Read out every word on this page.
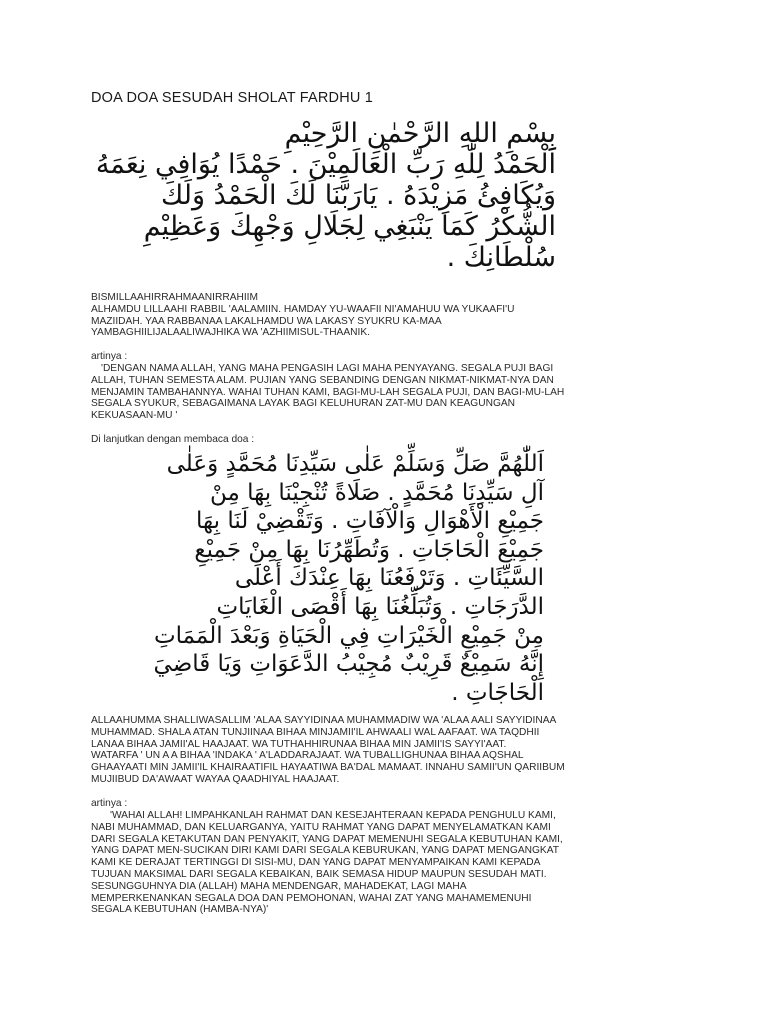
DOA DOA SESUDAH SHOLAT FARDHU 1
بِسْمِ اللهِ الرَّحْمٰنِ الرَّحِيْمِ
اَلْحَمْدُ لِلّٰهِ رَبِّ الْعَالَمِيْنَ . حَمْدًا يُوَافِي نِعَمَهُ
وَيُكَافِئُ مَزِيْدَهُ . يَارَبَّنَا لَكَ الْحَمْدُ وَلَكَ
الشُّكْرُ كَمَا يَنْبَغِي لِجَلَالِ وَجْهِكَ وَعَظِيْمِ
سُلْطَانِكَ .
BISMILLAAHIRRAHMAANIRRAHIIM
ALHAMDU LILLAAHI RABBIL 'AALAMIIN. HAMDAY YU-WAAFII NI'AMAHUU WA YUKAAFI'U
MAZIIDAH. YAA RABBANAA LAKALHAMDU WA LAKASY SYUKRU KA-MAA
YAMBAGHIILIJALAALIWAJHIKA WA 'AZHIIMISUL-THAANIK.
artinya :
'DENGAN NAMA ALLAH, YANG MAHA PENGASIH LAGI MAHA PENYAYANG. SEGALA PUJI BAGI
ALLAH, TUHAN SEMESTA ALAM. PUJIAN YANG SEBANDING DENGAN NIKMAT-NIKMAT-NYA DAN
MENJAMIN TAMBAHANNYA. WAHAI TUHAN KAMI, BAGI-MU-LAH SEGALA PUJI, DAN BAGI-MU-LAH
SEGALA SYUKUR, SEBAGAIMANA LAYAK BAGI KELUHURAN ZAT-MU DAN KEAGUNGAN
KEKUASAAN-MU '
Di lanjutkan dengan membaca doa :
اَللّٰهُمَّ صَلِّ وَسَلِّمْ عَلٰى سَيِّدِنَا مُحَمَّدٍ وَعَلٰى
آلِ سَيِّدِنَا مُحَمَّدٍ . صَلَاةً تُنْجِيْنَا بِهَا مِنْ
جَمِيْعِ الْأَهْوَالِ وَالْآفَاتِ . وَتَقْضِيْ لَنَا بِهَا
جَمِيْعَ الْحَاجَاتِ . وَتُطَهِّرُنَا بِهَا مِنْ جَمِيْعِ
السَّيِّئَاتِ . وَتَرْفَعُنَا بِهَا عِنْدَكَ أَعْلَى
الدَّرَجَاتِ . وَتُبَلِّغُنَا بِهَا أَقْصَى الْغَايَاتِ
مِنْ جَمِيْعِ الْخَيْرَاتِ فِي الْحَيَاةِ وَبَعْدَ الْمَمَاتِ
إِنَّهُ سَمِيْعٌ قَرِيْبٌ مُجِيْبُ الدَّعَوَاتِ وَيَا قَاضِيَ
الْحَاجَاتِ .
ALLAAHUMMA SHALLIWASALLIM 'ALAA SAYYIDINAA MUHAMMADIW WA 'ALAA AALI SAYYIDINAA
MUHAMMAD. SHALA ATAN TUNJIINAA BIHAA MINJAMII'IL AHWAALI WAL AAFAAT. WA TAQDHII
LANAA BIHAA JAMII'AL HAAJAAT. WA TUTHAHHIRUNAA BIHAA MIN JAMII'IS SAYYI'AAT.
WATARFA ' UN A A BIHAA 'INDAKA ' A'LADDARAJAAT. WA TUBALLIGHUNAA BIHAA AQSHAL
GHAAYAATI MIN JAMII'IL KHAIRAATIFIL HAYAATIWA BA'DAL MAMAAT. INNAHU SAMII'UN QARIIBUM
MUJIIBUD DA'AWAAT WAYAA QAADHIYAL HAAJAAT.
artinya :
'WAHAI ALLAH! LIMPAHKANLAH RAHMAT DAN KESEJAHTERAAN KEPADA PENGHULU KAMI,
NABI MUHAMMAD, DAN KELUARGANYA, YAITU RAHMAT YANG DAPAT MENYELAMATKAN KAMI
DARI SEGALA KETAKUTAN DAN PENYAKIT, YANG DAPAT MEMENUHI SEGALA KEBUTUHAN KAMI,
YANG DAPAT MEN-SUCIKAN DIRI KAMI DARI SEGALA KEBURUKAN, YANG DAPAT MENGANGKAT
KAMI KE DERAJAT TERTINGGI DI SISI-MU, DAN YANG DAPAT MENYAMPAIKAN KAMI KEPADA
TUJUAN MAKSIMAL DARI SEGALA KEBAIKAN, BAIK SEMASA HIDUP MAUPUN SESUDAH MATI.
SESUNGGUHNYA DIA (ALLAH) MAHA MENDENGAR, MAHADEKAT, LAGI MAHA
MEMPERKENANKAN SEGALA DOA DAN PEMOHONAN, WAHAI ZAT YANG MAHAMEMENUHI
SEGALA KEBUTUHAN (HAMBA-NYA)'
